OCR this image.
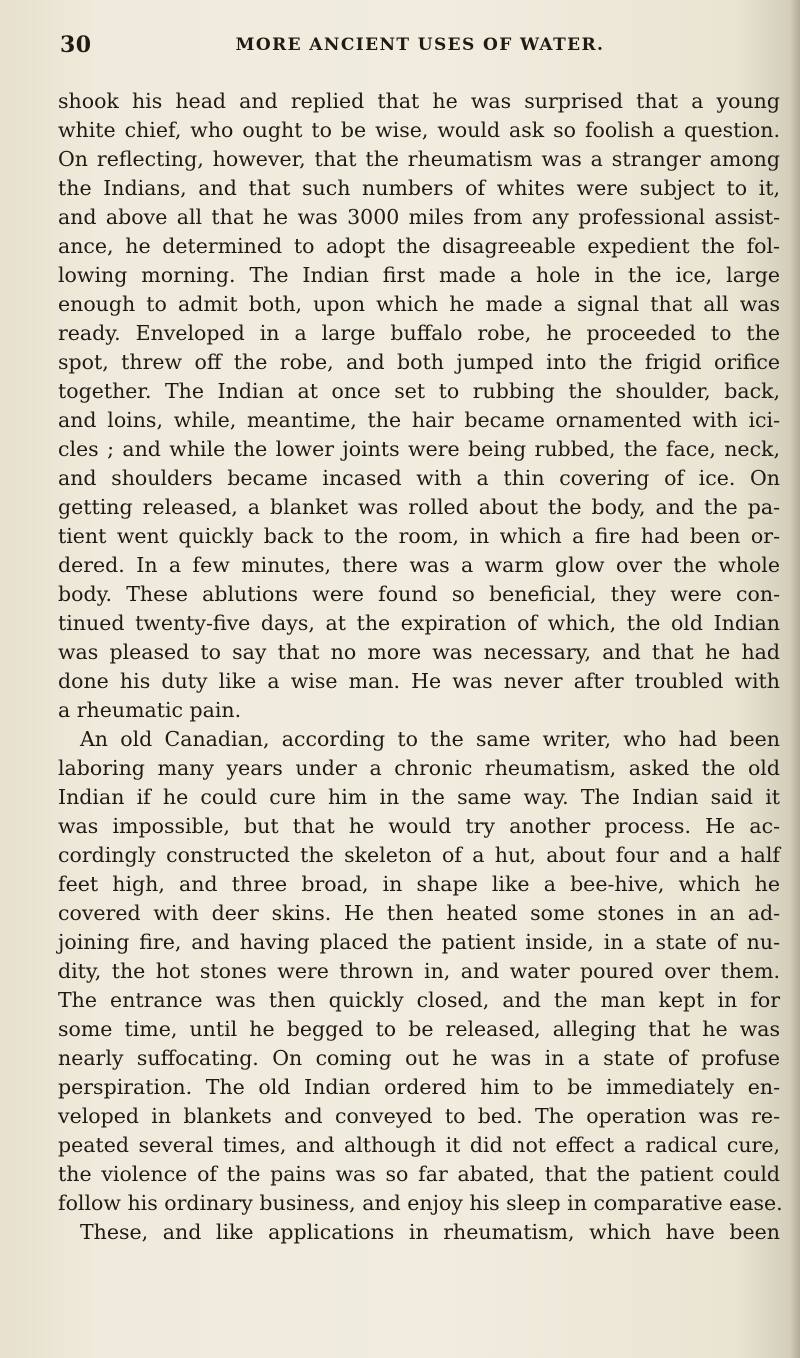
30	MORE ANCIENT USES OF WATER.
shook his head and replied that he was surprised that a young
white chief, who ought to be wise, would ask so foolish a question.
On reflecting, however, that the rheumatism was a stranger among
the Indians, and that such numbers of whites were subject to it,
and above all that he was 3000 miles from any professional assist-
ance, he determined to adopt the disagreeable expedient the fol-
lowing morning. The Indian first made a hole in the ice, large
enough to admit both, upon which he made a signal that all was
ready. Enveloped in a large buffalo robe, he proceeded to the
spot, threw off the robe, and both jumped into the frigid orifice
together. The Indian at once set to rubbing the shoulder, back,
and loins, while, meantime, the hair became ornamented with ici-
cles ; and while the lower joints were being rubbed, the face, neck,
and shoulders became incased with a thin covering of ice. On
getting released, a blanket was rolled about the body, and the pa-
tient went quickly back to the room, in which a fire had been or-
dered. In a few minutes, there was a warm glow over the whole
body. These ablutions were found so beneficial, they were con-
tinued twenty-five days, at the expiration of which, the old Indian
was pleased to say that no more was necessary, and that he had
done his duty like a wise man. He was never after troubled with
a rheumatic pain.
An old Canadian, according to the same writer, who had been
laboring many years under a chronic rheumatism, asked the old
Indian if he could cure him in the same way. The Indian said it
was impossible, but that he would try another process. He ac-
cordingly constructed the skeleton of a hut, about four and a half
feet high, and three broad, in shape like a bee-hive, which he
covered with deer skins. He then heated some stones in an ad-
joining fire, and having placed the patient inside, in a state of nu-
dity, the hot stones were thrown in, and water poured over them.
The entrance was then quickly closed, and the man kept in for
some time, until he begged to be released, alleging that he was
nearly suffocating. On coming out he was in a state of profuse
perspiration. The old Indian ordered him to be immediately en-
veloped in blankets and conveyed to bed. The operation was re-
peated several times, and although it did not effect a radical cure,
the violence of the pains was so far abated, that the patient could
follow his ordinary business, and enjoy his sleep in comparative ease.
These, and like applications in rheumatism, which have been
